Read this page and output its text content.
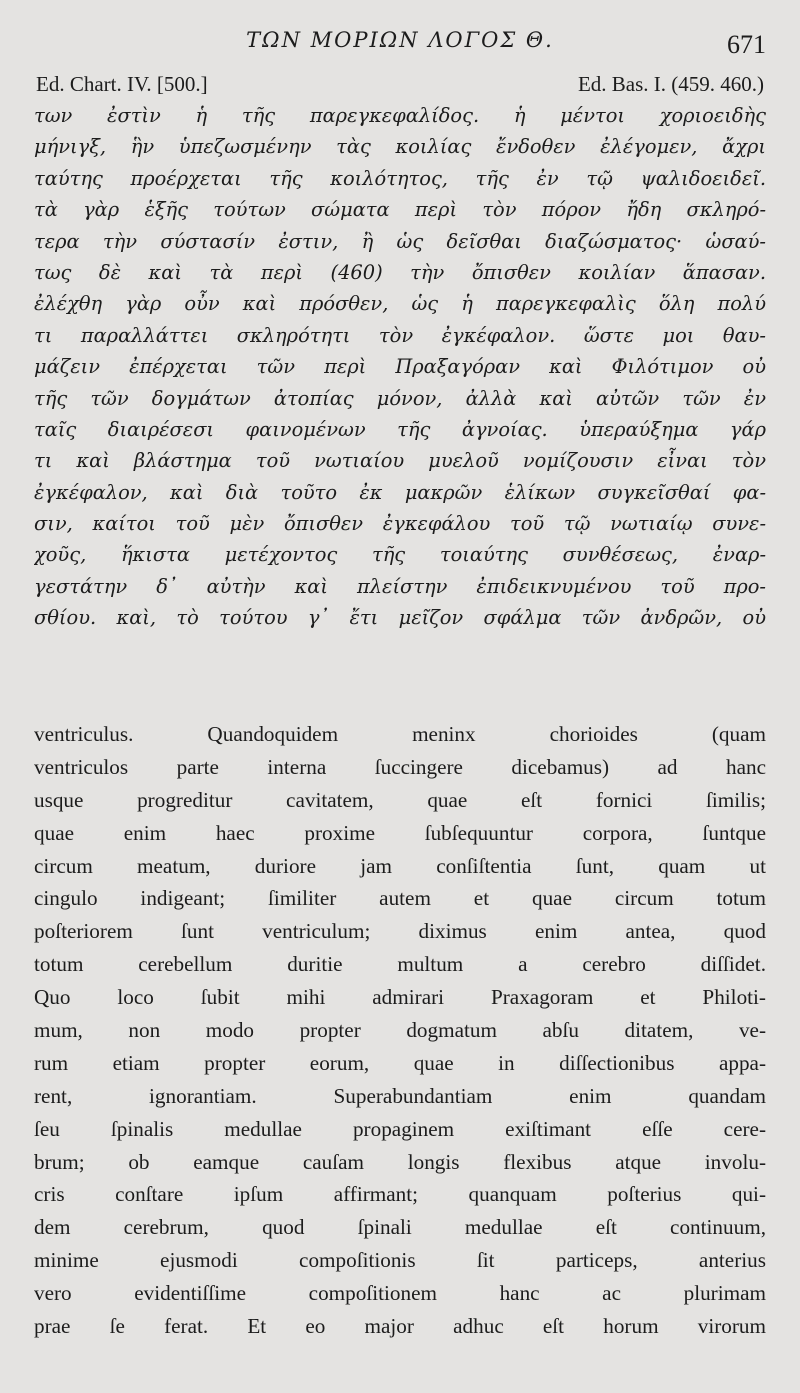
ΤΩΝ ΜΟΡΙΩΝ ΛΟΓΟΣ Θ.	671
Ed. Chart. IV. [500.]	Ed. Bas. I. (459. 460.)
των ἐστὶν ἡ τῆς παρεγκεφαλίδος. ἡ μέντοι χοριοειδὴς
μήνιγξ, ἣν ὑπεζωσμένην τὰς κοιλίας ἔνδοθεν ἐλέγομεν, ἄχρι
ταύτης προέρχεται τῆς κοιλότητος, τῆς ἐν τῷ ψαλιδοειδεῖ.
τὰ γὰρ ἑξῆς τούτων σώματα περὶ τὸν πόρον ἤδη σκληρό-
τερα τὴν σύστασίν ἐστιν, ἢ ὡς δεῖσθαι διαζώσματος· ὡσαύ-
τως δὲ καὶ τὰ περὶ (460) τὴν ὄπισθεν κοιλίαν ἅπασαν.
ἐλέχθη γὰρ οὖν καὶ πρόσθεν, ὡς ἡ παρεγκεφαλὶς ὅλη πολύ
τι παραλλάττει σκληρότητι τὸν ἐγκέφαλον. ὥστε μοι θαυ-
μάζειν ἐπέρχεται τῶν περὶ Πραξαγόραν καὶ Φιλότιμον οὐ
τῆς τῶν δογμάτων ἀτοπίας μόνον, ἀλλὰ καὶ αὐτῶν τῶν ἐν
ταῖς διαιρέσεσι φαινομένων τῆς ἀγνοίας. ὑπεραύξημα γάρ
τι καὶ βλάστημα τοῦ νωτιαίου μυελοῦ νομίζουσιν εἶναι τὸν
ἐγκέφαλον, καὶ διὰ τοῦτο ἐκ μακρῶν ἑλίκων συγκεῖσθαί φα-
σιν, καίτοι τοῦ μὲν ὄπισθεν ἐγκεφάλου τοῦ τῷ νωτιαίῳ συνε-
χοῦς, ἥκιστα μετέχοντος τῆς τοιαύτης συνθέσεως, ἐναρ-
γεστάτην δ᾽ αὐτὴν καὶ πλείστην ἐπιδεικνυμένου τοῦ προ-
σθίου. καὶ, τὸ τούτου γ᾽ ἔτι μεῖζον σφάλμα τῶν ἀνδρῶν, οὐ
ventriculus. Quandoquidem meninx chorioides (quam
ventriculos parte interna ſuccingere dicebamus) ad hanc
usque progreditur cavitatem, quae eſt fornici ſimilis;
quae enim haec proxime ſubſequuntur corpora, ſuntque
circum meatum, duriore jam conſiſtentia ſunt, quam ut
cingulo indigeant; ſimiliter autem et quae circum totum
poſteriorem ſunt ventriculum; diximus enim antea, quod
totum cerebellum duritie multum a cerebro diſſidet.
Quo loco ſubit mihi admirari Praxagoram et Philoti-
mum, non modo propter dogmatum abſu ditatem, ve-
rum etiam propter eorum, quae in diſſectionibus appa-
rent, ignorantiam. Superabundantiam enim quandam
ſeu ſpinalis medullae propaginem exiſtimant eſſe cere-
brum; ob eamque cauſam longis flexibus atque involu-
cris conſtare ipſum affirmant; quanquam poſterius qui-
dem cerebrum, quod ſpinali medullae eſt continuum,
minime ejusmodi compoſitionis ſit particeps, anterius
vero evidentiſſime compoſitionem hanc ac plurimam
prae ſe ferat. Et eo major adhuc eſt horum virorum
